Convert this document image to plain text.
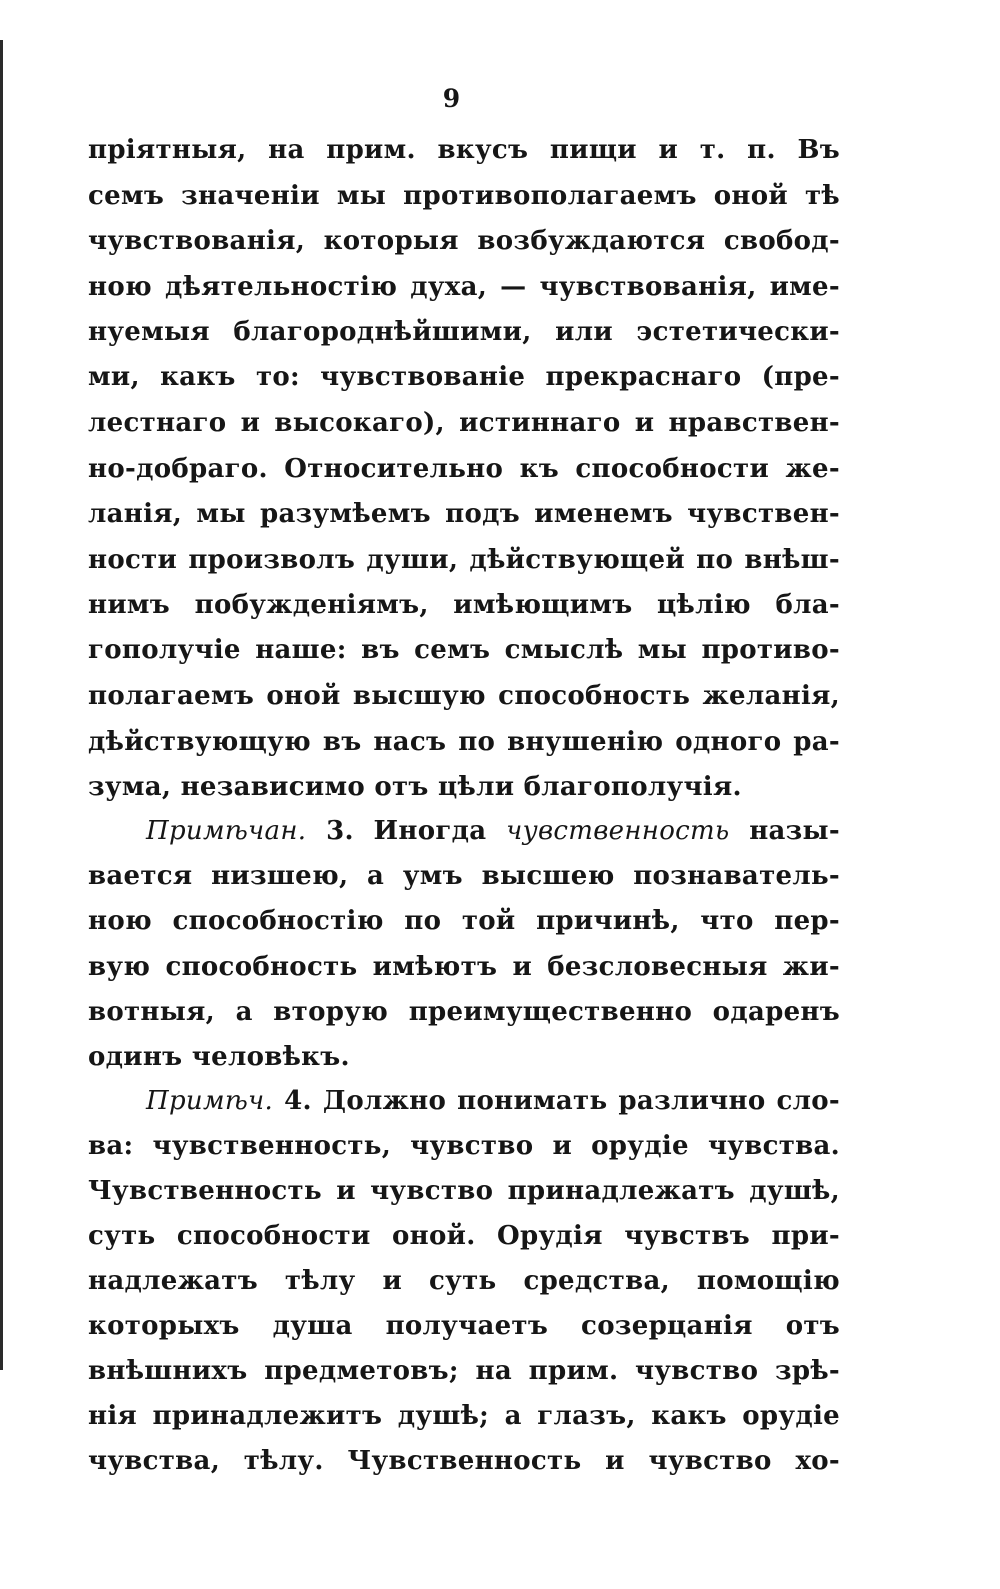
9
пріятныя, на прим. вкусъ пищи и т. п. Въ
семъ значеніи мы противополагаемъ оной тѣ
чувствованія, которыя возбуждаются свобод-
ною дѣятельностію духа, — чувствованія, име-
нуемыя благороднѣйшими, или эстетически-
ми, какъ то: чувствованіе прекраснаго (пре-
лестнаго и высокаго), истиннаго и нравствен-
но-добраго. Относительно къ способности же-
ланія, мы разумѣемъ подъ именемъ чувствен-
ности произволъ души, дѣйствующей по внѣш-
нимъ побужденіямъ, имѣющимъ цѣлію бла-
гополучіе наше: въ семъ смыслѣ мы противо-
полагаемъ оной высшую способность желанія,
дѣйствующую въ насъ по внушенію одного ра-
зума, независимо отъ цѣли благополучія.
Примѣчан. 3. Иногда чувственность назы-
вается низшею, а умъ высшею познаватель-
ною способностію по той причинѣ, что пер-
вую способность имѣютъ и безсловесныя жи-
вотныя, а вторую преимущественно одаренъ
одинъ человѣкъ.
Примѣч. 4. Должно понимать различно сло-
ва: чувственность, чувство и орудіе чувства.
Чувственность и чувство принадлежатъ душѣ,
суть способности оной. Орудія чувствъ при-
надлежатъ тѣлу и суть средства, помощію
которыхъ душа получаетъ созерцанія отъ
внѣшнихъ предметовъ; на прим. чувство зрѣ-
нія принадлежитъ душѣ; а глазъ, какъ орудіе
чувства, тѣлу. Чувственность и чувство хо-
